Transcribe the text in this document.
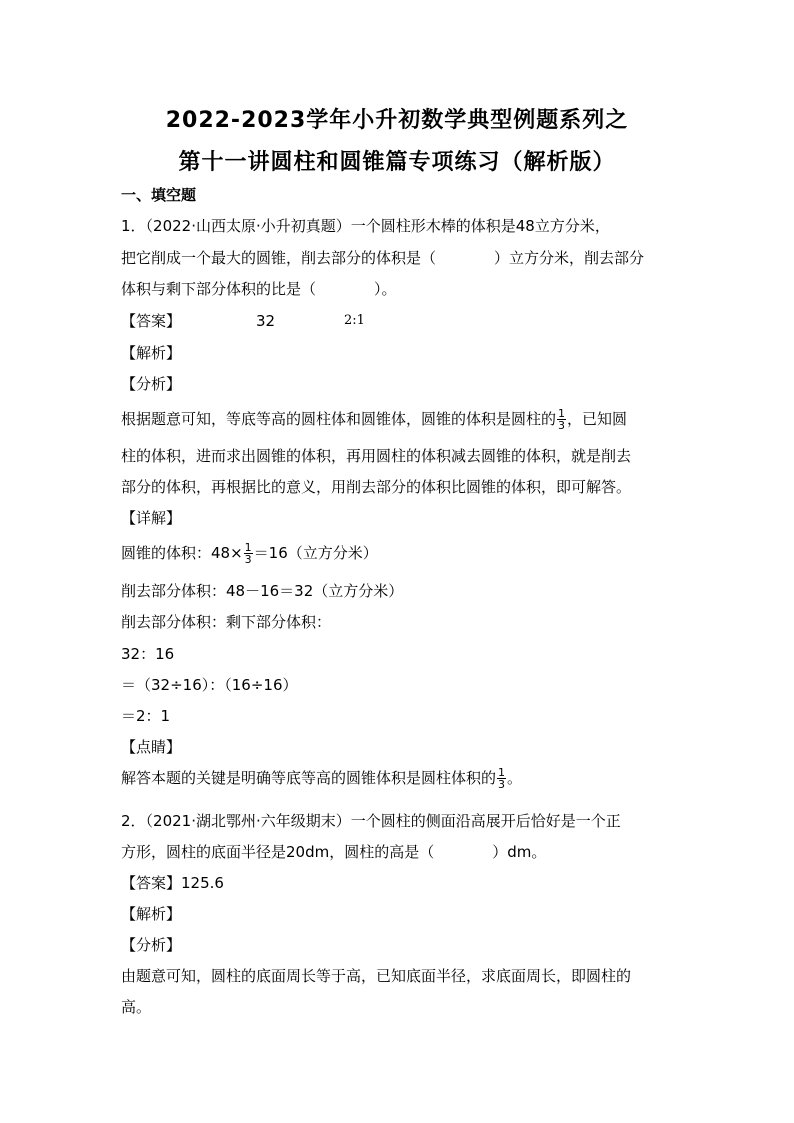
2022-2023学年小升初数学典型例题系列之
第十一讲圆柱和圆锥篇专项练习（解析版）
一、填空题
1．（2022·山西太原·小升初真题）一个圆柱形木棒的体积是48立方分米，
把它削成一个最大的圆锥，削去部分的体积是（	）立方分米，削去部分
体积与剩下部分体积的比是（	）。
【答案】	32	2:1
【解析】
【分析】
根据题意可知，等底等高的圆柱体和圆锥体，圆锥的体积是圆柱的 $\frac{1}{3}$ ，已知圆
柱的体积，进而求出圆锥的体积，再用圆柱的体积减去圆锥的体积，就是削去
部分的体积，再根据比的意义，用削去部分的体积比圆锥的体积，即可解答。
【详解】
圆锥的体积：$48\times \frac{1}{3} =16$（立方分米）
削去部分体积：48－16＝32（立方分米）
削去部分体积：剩下部分体积：
32：16
＝（32÷16）：（16÷16）
＝2：1
【点睛】
解答本题的关键是明确等底等高的圆锥体积是圆柱体积的 $\frac{1}{3}$ 。
2．（2021·湖北鄂州·六年级期末）一个圆柱的侧面沿高展开后恰好是一个正
方形，圆柱的底面半径是20dm，圆柱的高是（	）dm。
【答案】125.6
【解析】
【分析】
由题意可知，圆柱的底面周长等于高，已知底面半径，求底面周长，即圆柱的
高。
